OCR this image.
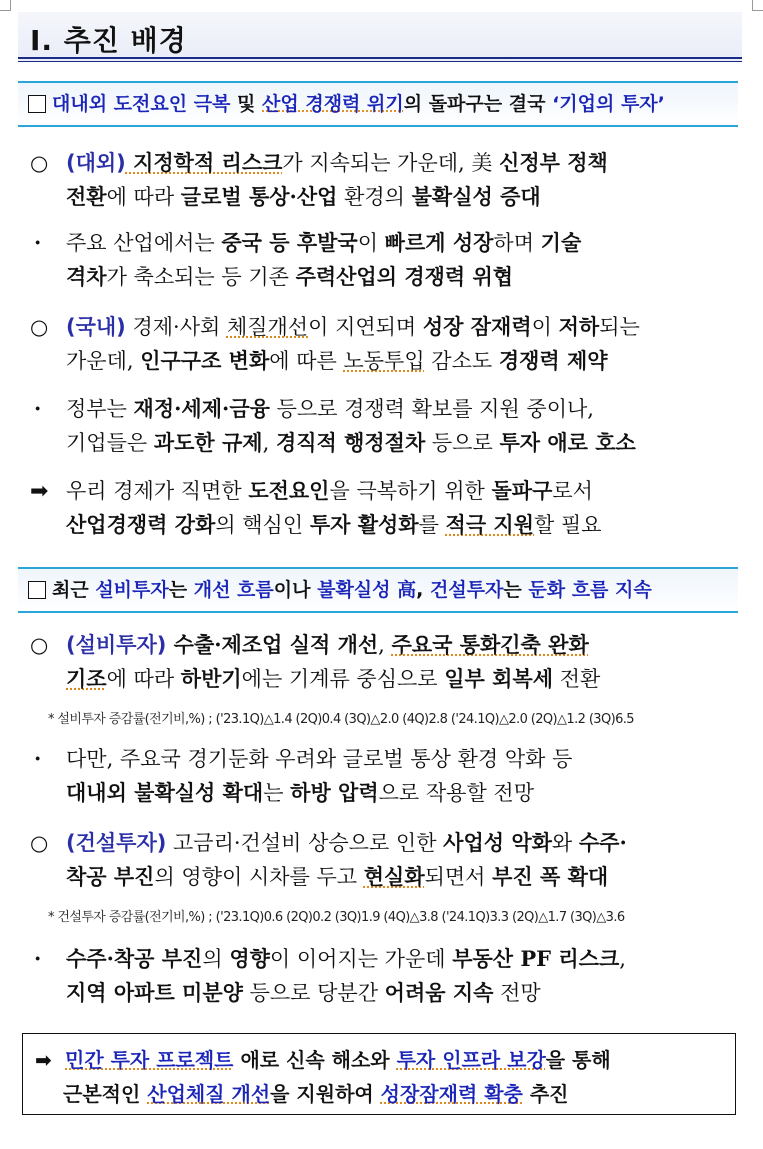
Ⅰ. 추진 배경
대내외 도전요인 극복 및 산업 경쟁력 위기의 돌파구는 결국 ‘기업의 투자’
○ (대외) 지정학적 리스크가 지속되는 가운데, 美 신정부 정책
전환에 따라 글로벌 통상·산업 환경의 불확실성 증대
· 주요 산업에서는 중국 등 후발국이 빠르게 성장하며 기술
격차가 축소되는 등 기존 주력산업의 경쟁력 위협
○ (국내) 경제·사회 체질개선이 지연되며 성장 잠재력이 저하되는
가운데, 인구구조 변화에 따른 노동투입 감소도 경쟁력 제약
· 정부는 재정·세제·금융 등으로 경쟁력 확보를 지원 중이나,
기업들은 과도한 규제, 경직적 행정절차 등으로 투자 애로 호소
➡ 우리 경제가 직면한 도전요인을 극복하기 위한 돌파구로서
산업경쟁력 강화의 핵심인 투자 활성화를 적극 지원할 필요
최근 설비투자는 개선 흐름이나 불확실성 高, 건설투자는 둔화 흐름 지속
○ (설비투자) 수출·제조업 실적 개선, 주요국 통화긴축 완화
기조에 따라 하반기에는 기계류 중심으로 일부 회복세 전환
* 설비투자 증감률(전기비,%) ; ('23.1Q)△1.4 (2Q)0.4 (3Q)△2.0 (4Q)2.8 ('24.1Q)△2.0 (2Q)△1.2 (3Q)6.5
· 다만, 주요국 경기둔화 우려와 글로벌 통상 환경 악화 등
대내외 불확실성 확대는 하방 압력으로 작용할 전망
○ (건설투자) 고금리·건설비 상승으로 인한 사업성 악화와 수주·
착공 부진의 영향이 시차를 두고 현실화되면서 부진 폭 확대
* 건설투자 증감률(전기비,%) ; ('23.1Q)0.6 (2Q)0.2 (3Q)1.9 (4Q)△3.8 ('24.1Q)3.3 (2Q)△1.7 (3Q)△3.6
· 수주·착공 부진의 영향이 이어지는 가운데 부동산 PF 리스크,
지역 아파트 미분양 등으로 당분간 어려움 지속 전망
➡ 민간 투자 프로젝트 애로 신속 해소와 투자 인프라 보강을 통해
근본적인 산업체질 개선을 지원하여 성장잠재력 확충 추진
